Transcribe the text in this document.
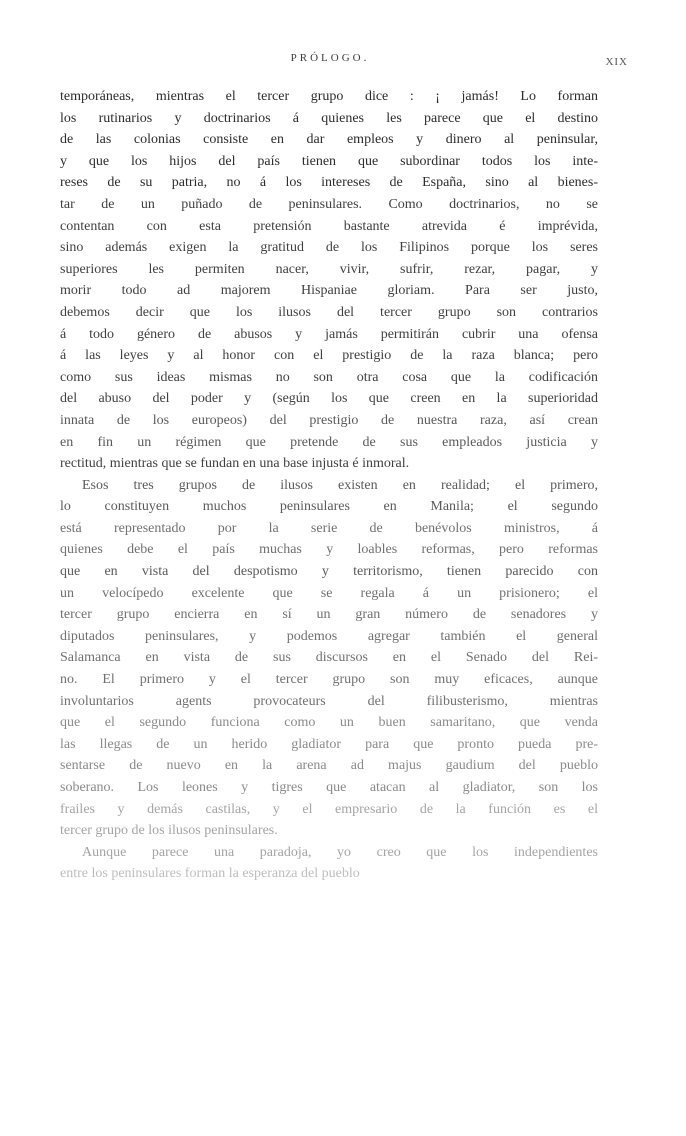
PRÓLOGO.	XIX
temporáneas, mientras el tercer grupo dice : ¡ jamás! Lo forman
los rutinarios y doctrinarios á quienes les parece que el destino
de las colonias consiste en dar empleos y dinero al peninsular,
y que los hijos del país tienen que subordinar todos los inte-
reses de su patria, no á los intereses de España, sino al bienes-
tar de un puñado de peninsulares. Como doctrinarios, no se
contentan con esta pretensión bastante atrevida é imprévida,
sino además exigen la gratitud de los Filipinos porque los seres
superiores les permiten nacer, vivir, sufrir, rezar, pagar, y
morir todo ad majorem Hispaniae gloriam. Para ser justo,
debemos decir que los ilusos del tercer grupo son contrarios
á todo género de abusos y jamás permitirán cubrir una ofensa
á las leyes y al honor con el prestigio de la raza blanca; pero
como sus ideas mismas no son otra cosa que la codificación
del abuso del poder y (según los que creen en la superioridad
innata de los europeos) del prestigio de nuestra raza, así crean
en fin un régimen que pretende de sus empleados justicia y
rectitud, mientras que se fundan en una base injusta é inmoral.
Esos tres grupos de ilusos existen en realidad; el primero,
lo constituyen muchos peninsulares en Manila; el segundo
está representado por la serie de benévolos ministros, á
quienes debe el país muchas y loables reformas, pero reformas
que en vista del despotismo y territorismo, tienen parecido con
un velocípedo excelente que se regala á un prisionero; el
tercer grupo encierra en sí un gran número de senadores y
diputados peninsulares, y podemos agregar también el general
Salamanca en vista de sus discursos en el Senado del Rei-
no. El primero y el tercer grupo son muy eficaces, aunque
involuntarios agents provocateurs del filibusterismo, mientras
que el segundo funciona como un buen samaritano, que venda
las llegas de un herido gladiator para que pronto pueda pre-
sentarse de nuevo en la arena ad majus gaudium del pueblo
soberano. Los leones y tigres que atacan al gladiator, son los
frailes y demás castilas, y el empresario de la función es el
tercer grupo de los ilusos peninsulares.
Aunque parece una paradoja, yo creo que los independientes
entre los peninsulares forman la esperanza del pueblo
